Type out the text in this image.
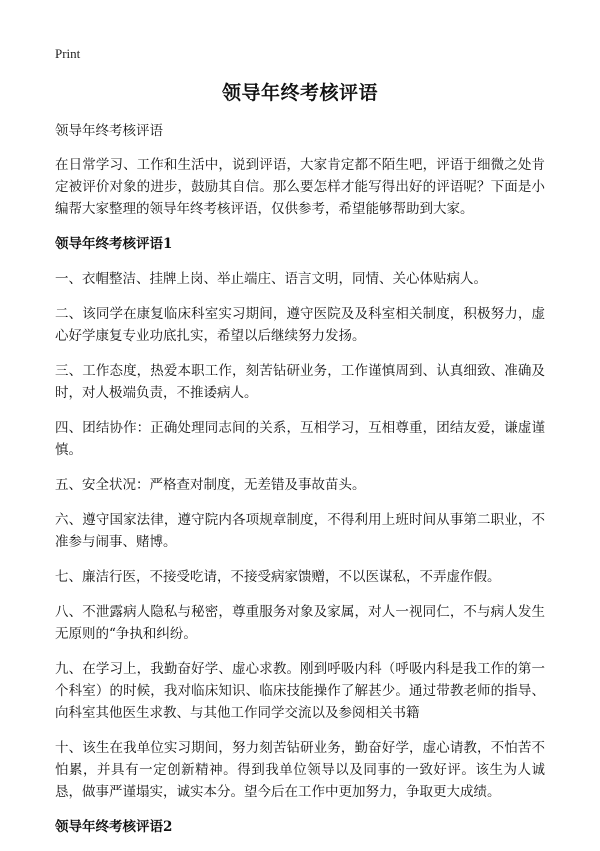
Print
领导年终考核评语

领导年终考核评语

在日常学习、工作和生活中，说到评语，大家肯定都不陌生吧，评语于细微之处肯定被评价对象的进步，鼓励其自信。那么要怎样才能写得出好的评语呢？下面是小编帮大家整理的领导年终考核评语，仅供参考，希望能够帮助到大家。

领导年终考核评语1

一、衣帽整洁、挂牌上岗、举止端庄、语言文明，同情、关心体贴病人。

二、该同学在康复临床科室实习期间，遵守医院及及科室相关制度，积极努力，虚心好学康复专业功底扎实，希望以后继续努力发扬。

三、工作态度，热爱本职工作，刻苦钻研业务，工作谨慎周到、认真细致、准确及时，对人极端负责，不推诿病人。

四、团结协作：正确处理同志间的关系，互相学习，互相尊重，团结友爱，谦虚谨慎。

五、安全状况：严格查对制度，无差错及事故苗头。

六、遵守国家法律，遵守院内各项规章制度，不得利用上班时间从事第二职业，不准参与闹事、赌博。

七、廉洁行医，不接受吃请，不接受病家馈赠，不以医谋私，不弄虚作假。

八、不泄露病人隐私与秘密，尊重服务对象及家属，对人一视同仁，不与病人发生无原则的“争执和纠纷。

九、在学习上，我勤奋好学、虚心求教。刚到呼吸内科（呼吸内科是我工作的第一个科室）的时候，我对临床知识、临床技能操作了解甚少。通过带教老师的指导、向科室其他医生求教、与其他工作同学交流以及参阅相关书籍

十、该生在我单位实习期间，努力刻苦钻研业务，勤奋好学，虚心请教，不怕苦不怕累，并具有一定创新精神。得到我单位领导以及同事的一致好评。该生为人诚恳，做事严谨塌实，诚实本分。望今后在工作中更加努力，争取更大成绩。

领导年终考核评语2
